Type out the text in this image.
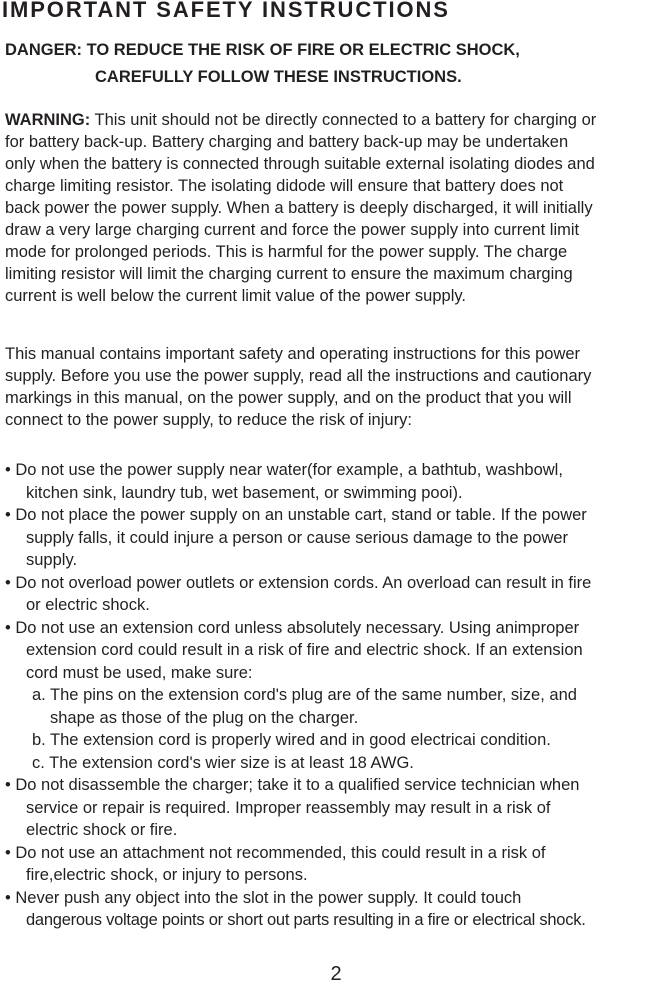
IMPORTANT SAFETY INSTRUCTIONS
DANGER: TO REDUCE THE RISK OF FIRE OR ELECTRIC SHOCK,
CAREFULLY FOLLOW THESE INSTRUCTIONS.
WARNING: This unit should not be directly connected to a battery for charging or
for battery back-up. Battery charging and battery back-up may be undertaken
only when the battery is connected through suitable external isolating diodes and
charge limiting resistor. The isolating didode will ensure that battery does not
back power the power supply. When a battery is deeply discharged, it will initially
draw a very large charging current and force the power supply into current limit
mode for prolonged periods. This is harmful for the power supply. The charge
limiting resistor will limit the charging current to ensure the maximum charging
current is well below the current limit value of the power supply.
This manual contains important safety and operating instructions for this power
supply. Before you use the power supply, read all the instructions and cautionary
markings in this manual, on the power supply, and on the product that you will
connect to the power supply, to reduce the risk of injury:
• Do not use the power supply near water(for example, a bathtub, washbowl,
kitchen sink, laundry tub, wet basement, or swimming pooi).
• Do not place the power supply on an unstable cart, stand or table. If the power
supply falls, it could injure a person or cause serious damage to the power
supply.
• Do not overload power outlets or extension cords. An overload can result in fire
or electric shock.
• Do not use an extension cord unless absolutely necessary. Using animproper
extension cord could result in a risk of fire and electric shock. If an extension
cord must be used, make sure:
a. The pins on the extension cord's plug are of the same number, size, and
shape as those of the plug on the charger.
b. The extension cord is properly wired and in good electricai condition.
c. The extension cord's wier size is at least 18 AWG.
• Do not disassemble the charger; take it to a qualified service technician when
service or repair is required. Improper reassembly may result in a risk of
electric shock or fire.
• Do not use an attachment not recommended, this could result in a risk of
fire,electric shock, or injury to persons.
• Never push any object into the slot in the power supply. It could touch
dangerous voltage points or short out parts resulting in a fire or electrical shock.
2
